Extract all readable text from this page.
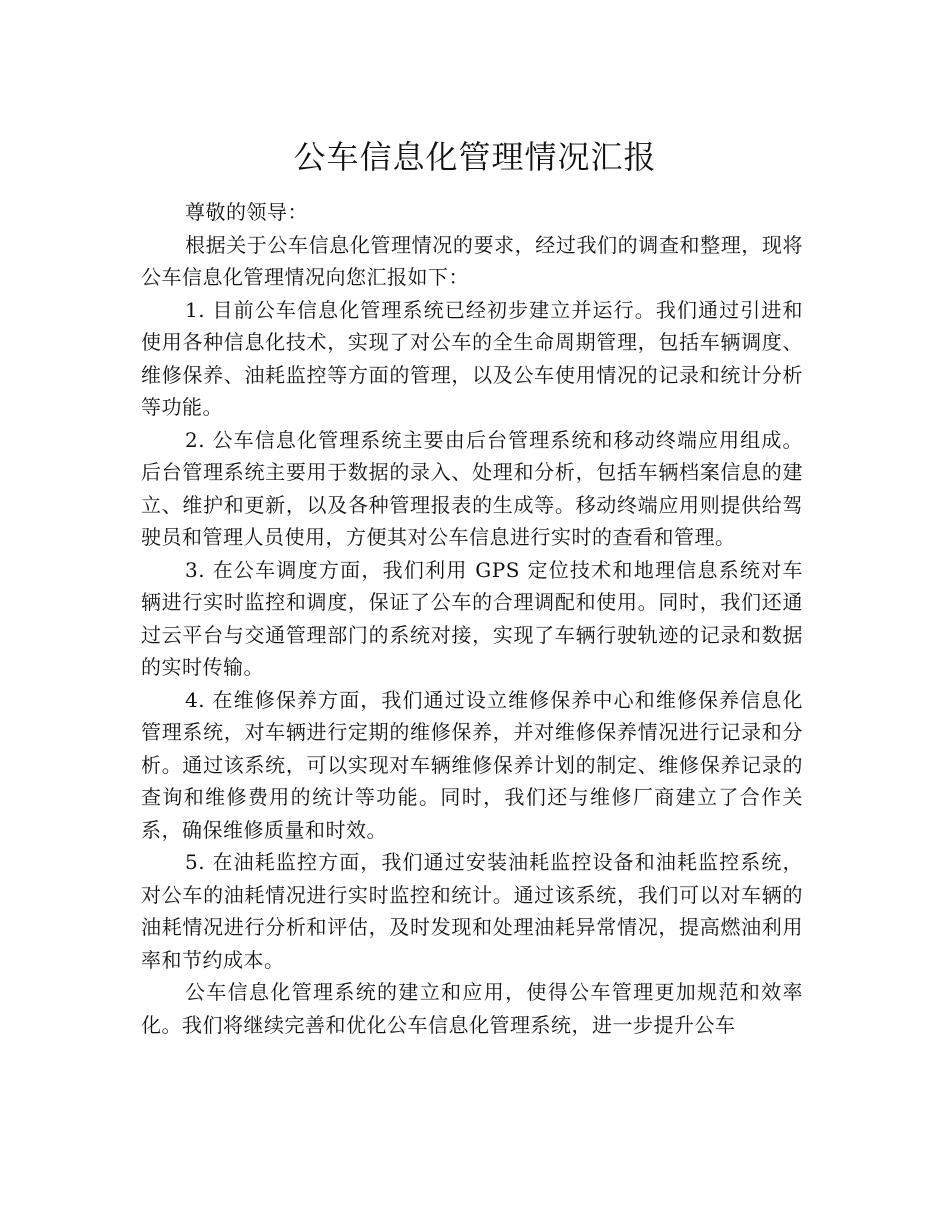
公车信息化管理情况汇报

尊敬的领导：

根据关于公车信息化管理情况的要求，经过我们的调查和整理，现将公车信息化管理情况向您汇报如下：

1. 目前公车信息化管理系统已经初步建立并运行。我们通过引进和使用各种信息化技术，实现了对公车的全生命周期管理，包括车辆调度、维修保养、油耗监控等方面的管理，以及公车使用情况的记录和统计分析等功能。

2. 公车信息化管理系统主要由后台管理系统和移动终端应用组成。后台管理系统主要用于数据的录入、处理和分析，包括车辆档案信息的建立、维护和更新，以及各种管理报表的生成等。移动终端应用则提供给驾驶员和管理人员使用，方便其对公车信息进行实时的查看和管理。

3. 在公车调度方面，我们利用 GPS 定位技术和地理信息系统对车辆进行实时监控和调度，保证了公车的合理调配和使用。同时，我们还通过云平台与交通管理部门的系统对接，实现了车辆行驶轨迹的记录和数据的实时传输。

4. 在维修保养方面，我们通过设立维修保养中心和维修保养信息化管理系统，对车辆进行定期的维修保养，并对维修保养情况进行记录和分析。通过该系统，可以实现对车辆维修保养计划的制定、维修保养记录的查询和维修费用的统计等功能。同时，我们还与维修厂商建立了合作关系，确保维修质量和时效。

5. 在油耗监控方面，我们通过安装油耗监控设备和油耗监控系统，对公车的油耗情况进行实时监控和统计。通过该系统，我们可以对车辆的油耗情况进行分析和评估，及时发现和处理油耗异常情况，提高燃油利用率和节约成本。

公车信息化管理系统的建立和应用，使得公车管理更加规范和效率化。我们将继续完善和优化公车信息化管理系统，进一步提升公车
